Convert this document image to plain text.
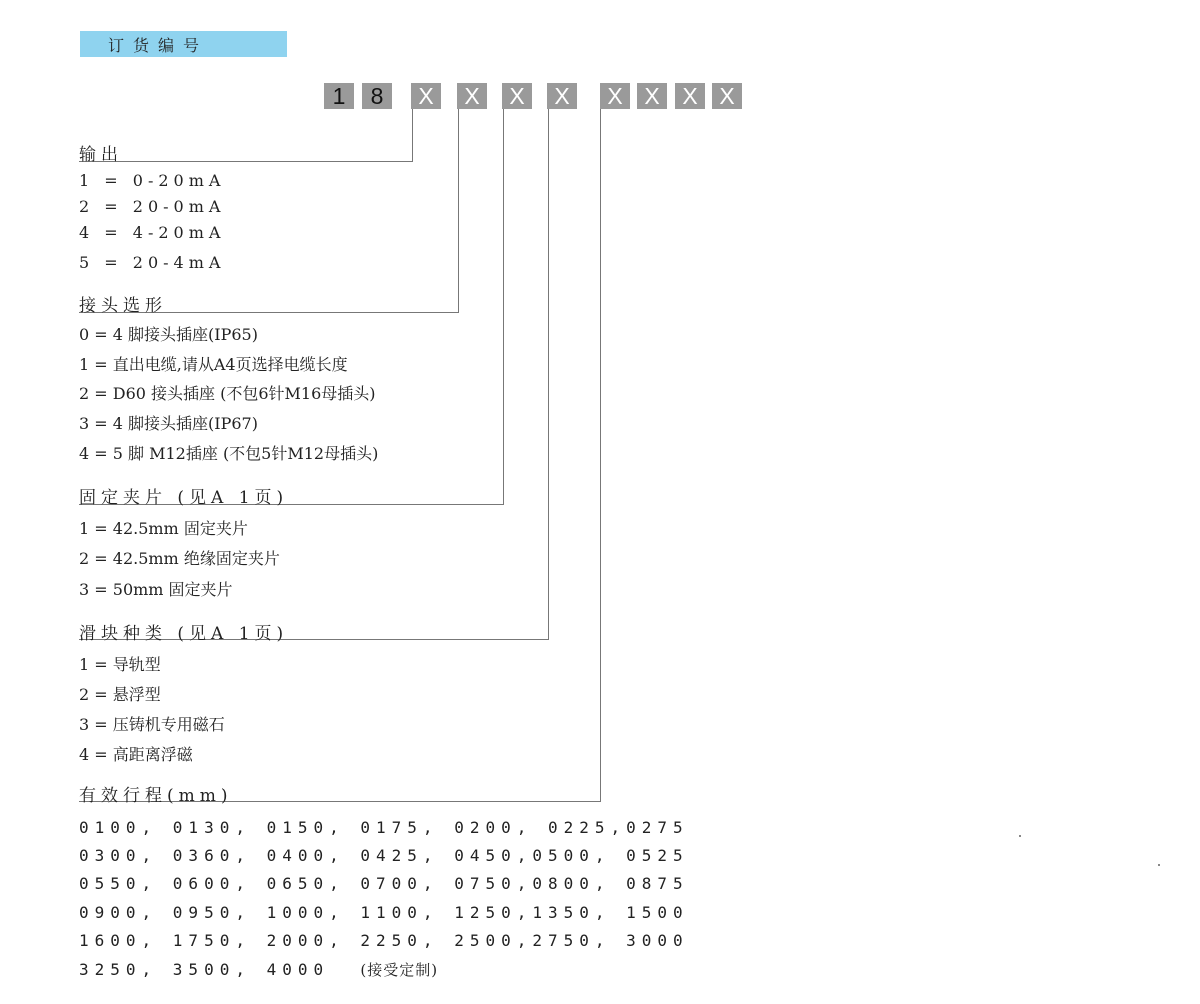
订货编号
1	8	X	X	X	X	X X X X
输出
1 = 0-20mA
2 = 20-0mA
4 = 4-20mA
5 = 20-4mA
接头选形
0 = 4 脚接头插座(IP65)
1 = 直出电缆,请从A4页选择电缆长度
2 = D60 接头插座 (不包6针M16母插头)
3 = 4 脚接头插座(IP67)
4 = 5 脚 M12插座 (不包5针M12母插头)
固定夹片 (见A 1页)
1 = 42.5mm 固定夹片
2 = 42.5mm 绝缘固定夹片
3 = 50mm 固定夹片
滑块种类 (见A 1页)
1 = 导轨型
2 = 悬浮型
3 = 压铸机专用磁石
4 = 高距离浮磁
有效行程(mm)
0100, 0130, 0150, 0175, 0200, 0225,0275
0300, 0360, 0400, 0425, 0450,0500, 0525
0550, 0600, 0650, 0700, 0750,0800, 0875
0900, 0950, 1000, 1100, 1250,1350, 1500
1600, 1750, 2000, 2250, 2500,2750, 3000
3250, 3500, 4000 (接受定制)
